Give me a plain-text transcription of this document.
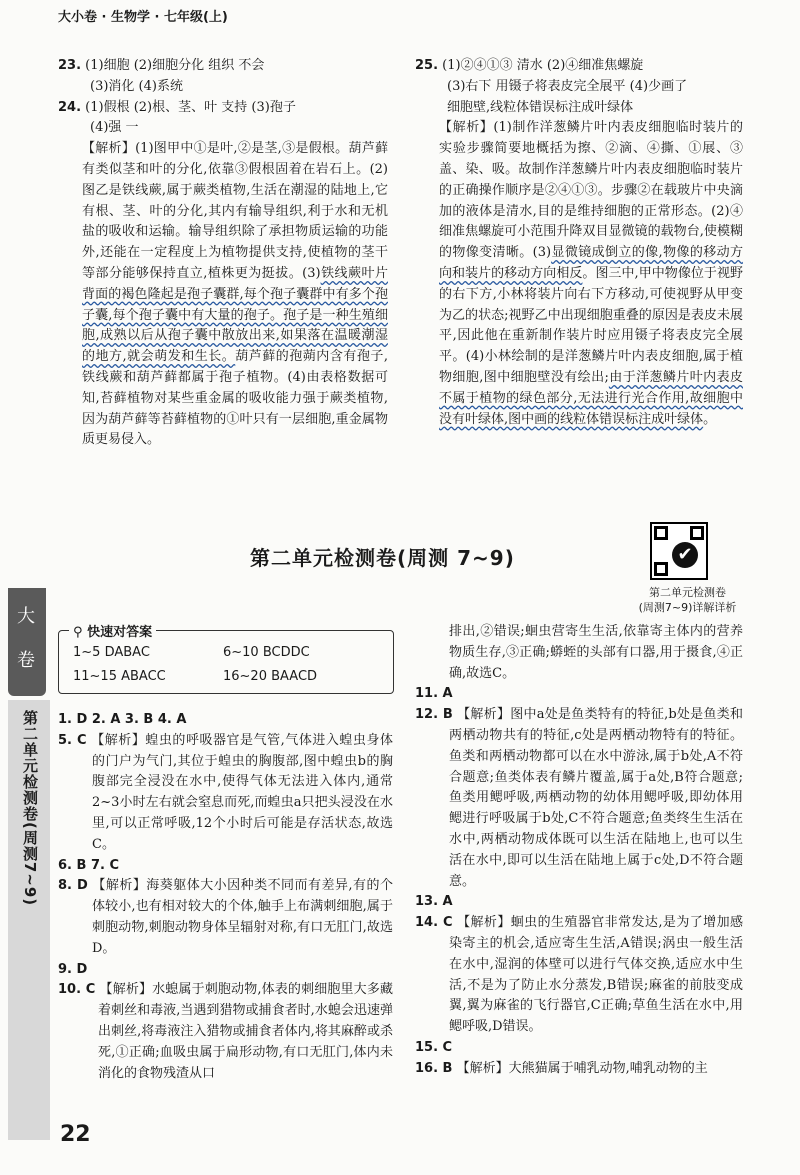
大小卷 · 生物学 · 七年级(上)

23. (1)细胞 (2)细胞分化 组织 不会

(3)消化 (4)系统

24. (1)假根 (2)根、茎、叶 支持 (3)孢子

(4)强 一

【解析】(1)图甲中①是叶,②是茎,③是假根。葫芦藓有类似茎和叶的分化,依靠③假根固着在岩石上。(2)图乙是铁线蕨,属于蕨类植物,生活在潮湿的陆地上,它有根、茎、叶的分化,其内有输导组织,利于水和无机盐的吸收和运输。输导组织除了承担物质运输的功能外,还能在一定程度上为植物提供支持,使植物的茎干等部分能够保持直立,植株更为挺拔。(3)铁线蕨叶片背面的褐色隆起是孢子囊群,每个孢子囊群中有多个孢子囊,每个孢子囊中有大量的孢子。孢子是一种生殖细胞,成熟以后从孢子囊中散放出来,如果落在温暖潮湿的地方,就会萌发和生长。葫芦藓的孢蒴内含有孢子,铁线蕨和葫芦藓都属于孢子植物。(4)由表格数据可知,苔藓植物对某些重金属的吸收能力强于蕨类植物,因为葫芦藓等苔藓植物的①叶只有一层细胞,重金属物质更易侵入。

25. (1)②④①③ 清水 (2)④细准焦螺旋

(3)右下 用镊子将表皮完全展平 (4)少画了

细胞壁,线粒体错误标注成叶绿体

【解析】(1)制作洋葱鳞片叶内表皮细胞临时装片的实验步骤简要地概括为擦、②滴、④撕、①展、③盖、染、吸。故制作洋葱鳞片叶内表皮细胞临时装片的正确操作顺序是②④①③。步骤②在载玻片中央滴加的液体是清水,目的是维持细胞的正常形态。(2)④细准焦螺旋可小范围升降双目显微镜的载物台,使模糊的物像变清晰。(3)显微镜成倒立的像,物像的移动方向和装片的移动方向相反。图三中,甲中物像位于视野的右下方,小林将装片向右下方移动,可使视野从甲变为乙的状态;视野乙中出现细胞重叠的原因是表皮未展平,因此他在重新制作装片时应用镊子将表皮完全展平。(4)小林绘制的是洋葱鳞片叶内表皮细胞,属于植物细胞,图中细胞壁没有绘出;由于洋葱鳞片叶内表皮不属于植物的绿色部分,无法进行光合作用,故细胞中没有叶绿体,图中画的线粒体错误标注成叶绿体。

第二单元检测卷(周测 7~9)	✔
第二单元检测卷
(周测7~9)详解详析
大
卷
第二单元检测卷(周测7~9)
⚲ 快速对答案
1~5 DABAC	6~10 BCDDC
11~15 ABACC	16~20 BAACD

1. D 2. A 3. B 4. A

5. C 【解析】蝗虫的呼吸器官是气管,气体进入蝗虫身体的门户为气门,其位于蝗虫的胸腹部,图中蝗虫b的胸腹部完全浸没在水中,使得气体无法进入体内,通常2~3小时左右就会窒息而死,而蝗虫a只把头浸没在水里,可以正常呼吸,12个小时后可能是存活状态,故选C。

6. B 7. C

8. D 【解析】海葵躯体大小因种类不同而有差异,有的个体较小,也有相对较大的个体,触手上布满刺细胞,属于刺胞动物,刺胞动物身体呈辐射对称,有口无肛门,故选D。

9. D

10. C 【解析】水螅属于刺胞动物,体表的刺细胞里大多藏着刺丝和毒液,当遇到猎物或捕食者时,水螅会迅速弹出刺丝,将毒液注入猎物或捕食者体内,将其麻醉或杀死,①正确;血吸虫属于扁形动物,有口无肛门,体内未消化的食物残渣从口

排出,②错误;蛔虫营寄生生活,依靠寄主体内的营养物质生存,③正确;蟒蛭的头部有口器,用于摄食,④正确,故选C。

11. A

12. B 【解析】图中a处是鱼类特有的特征,b处是鱼类和两栖动物共有的特征,c处是两栖动物特有的特征。鱼类和两栖动物都可以在水中游泳,属于b处,A不符合题意;鱼类体表有鳞片覆盖,属于a处,B符合题意;鱼类用鳃呼吸,两栖动物的幼体用鳃呼吸,即幼体用鳃进行呼吸属于b处,C不符合题意;鱼类终生生活在水中,两栖动物成体既可以生活在陆地上,也可以生活在水中,即可以生活在陆地上属于c处,D不符合题意。

13. A

14. C 【解析】蛔虫的生殖器官非常发达,是为了增加感染寄主的机会,适应寄生生活,A错误;涡虫一般生活在水中,湿润的体壁可以进行气体交换,适应水中生活,不是为了防止水分蒸发,B错误;麻雀的前肢变成翼,翼为麻雀的飞行器官,C正确;草鱼生活在水中,用鳃呼吸,D错误。

15. C

16. B 【解析】大熊猫属于哺乳动物,哺乳动物的主

22
